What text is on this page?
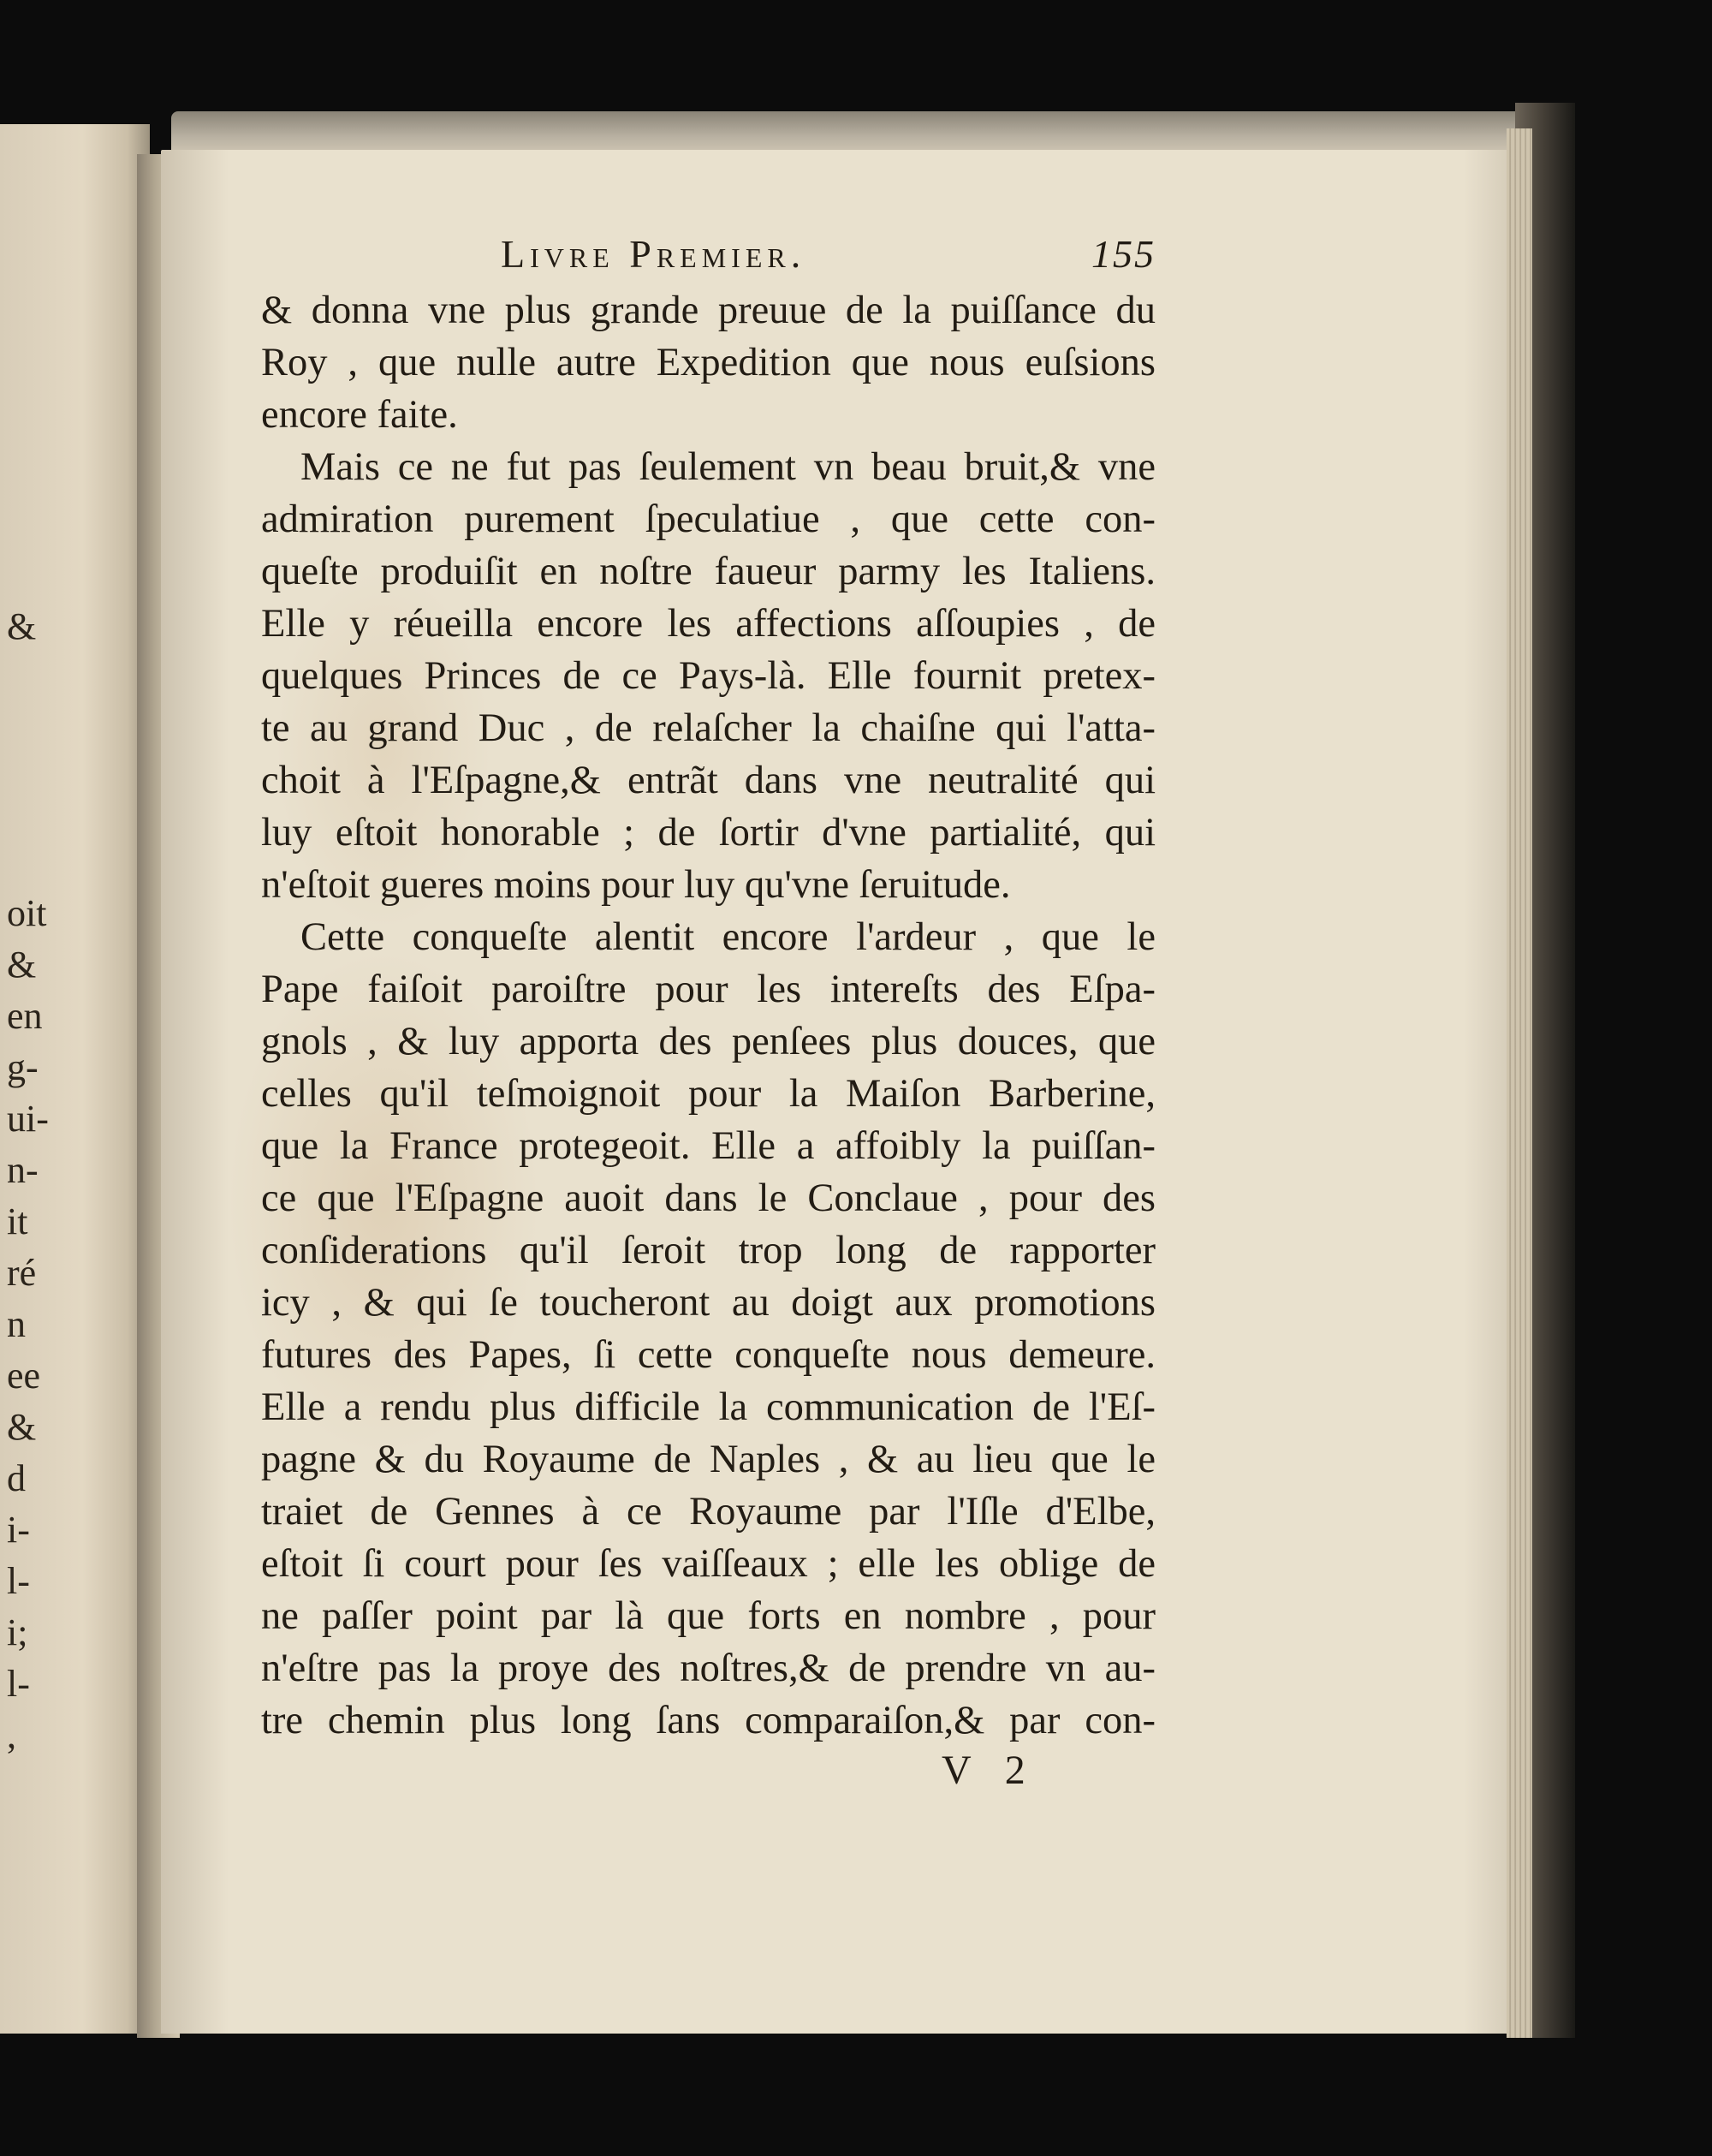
&
oit
&
en
g-
ui-
n-
it
ré
n
ee
&
d
i-
l-
i;
l-
,
Livre Premier.	155
& donna vne plus grande preuue de la puiſſance du
Roy , que nulle autre Expedition que nous euſsions
encore faite.
Mais ce ne fut pas ſeulement vn beau bruit,& vne
admiration purement ſpeculatiue , que cette con-
queſte produiſit en noſtre faueur parmy les Italiens.
Elle y réueilla encore les affections aſſoupies , de
quelques Princes de ce Pays-là. Elle fournit pretex-
te au grand Duc , de relaſcher la chaiſne qui l'atta-
choit à l'Eſpagne,& entrãt dans vne neutralité qui
luy eſtoit honorable ; de ſortir d'vne partialité, qui
n'eſtoit gueres moins pour luy qu'vne ſeruitude.
Cette conqueſte alentit encore l'ardeur , que le
Pape faiſoit paroiſtre pour les intereſts des Eſpa-
gnols , & luy apporta des penſees plus douces, que
celles qu'il teſmoignoit pour la Maiſon Barberine,
que la France protegeoit. Elle a affoibly la puiſſan-
ce que l'Eſpagne auoit dans le Conclaue , pour des
conſiderations qu'il ſeroit trop long de rapporter
icy , & qui ſe toucheront au doigt aux promotions
futures des Papes, ſi cette conqueſte nous demeure.
Elle a rendu plus difficile la communication de l'Eſ-
pagne & du Royaume de Naples , & au lieu que le
traiet de Gennes à ce Royaume par l'Iſle d'Elbe,
eſtoit ſi court pour ſes vaiſſeaux ; elle les oblige de
ne paſſer point par là que forts en nombre , pour
n'eſtre pas la proye des noſtres,& de prendre vn au-
tre chemin plus long ſans comparaiſon,& par con-
V 2
